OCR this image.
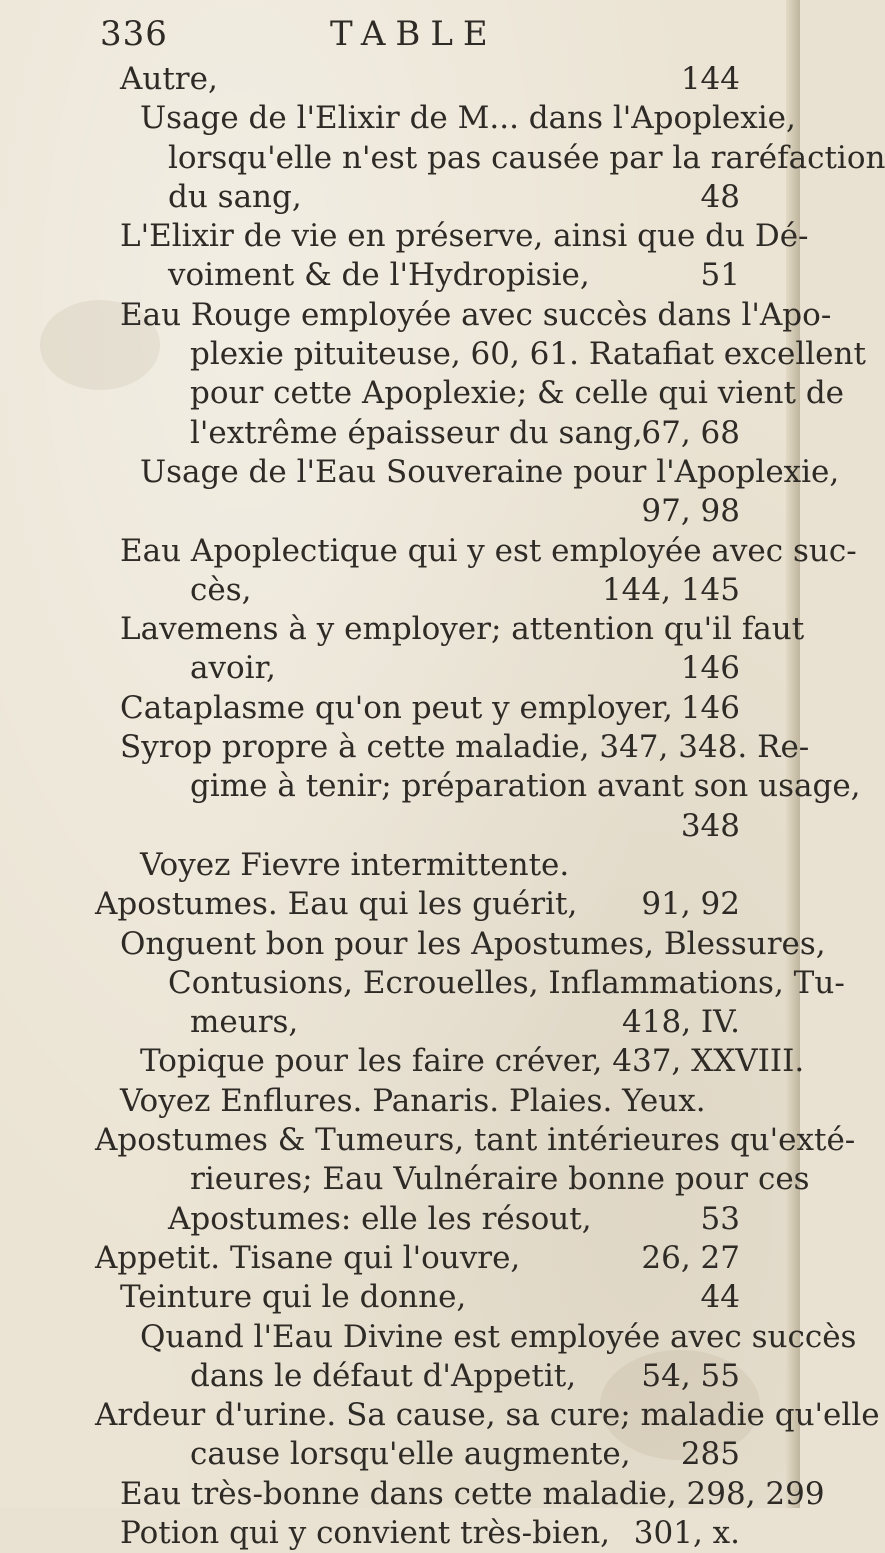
336	TABLE
Autre,	144
Usage de l'Elixir de M... dans l'Apoplexie,
lorsqu'elle n'est pas causée par la raréfaction
du sang,	48
L'Elixir de vie en préserve, ainsi que du Dé-
voiment & de l'Hydropisie,	51
Eau Rouge employée avec succès dans l'Apo-
plexie pituiteuse, 60, 61. Ratafiat excellent
pour cette Apoplexie; & celle qui vient de
l'extrême épaisseur du sang,
67, 68
Usage de l'Eau Souveraine pour l'Apoplexie,
97, 98
Eau Apoplectique qui y est employée avec suc-
cès,	144, 145
Lavemens à y employer; attention qu'il faut
avoir,	146
Cataplasme qu'on peut y employer, 146
Syrop propre à cette maladie, 347, 348. Re-
gime à tenir; préparation avant son usage,
348
Voyez Fievre intermittente.
Apostumes. Eau qui les guérit, 91, 92
Onguent bon pour les Apostumes, Blessures,
Contusions, Ecrouelles, Inflammations, Tu-
meurs,	418, IV.
Topique pour les faire créver, 437, XXVIII.
Voyez Enflures. Panaris. Plaies. Yeux.
Apostumes & Tumeurs, tant intérieures qu'exté-
rieures; Eau Vulnéraire bonne pour ces
Apostumes: elle les résout,	53
Appetit. Tisane qui l'ouvre,	26, 27
Teinture qui le donne,	44
Quand l'Eau Divine est employée avec succès
dans le défaut d'Appetit, 54, 55
Ardeur d'urine. Sa cause, sa cure; maladie qu'elle
cause lorsqu'elle augmente, 285
Eau très-bonne dans cette maladie, 298, 299
Potion qui y convient très-bien, 301, x.
